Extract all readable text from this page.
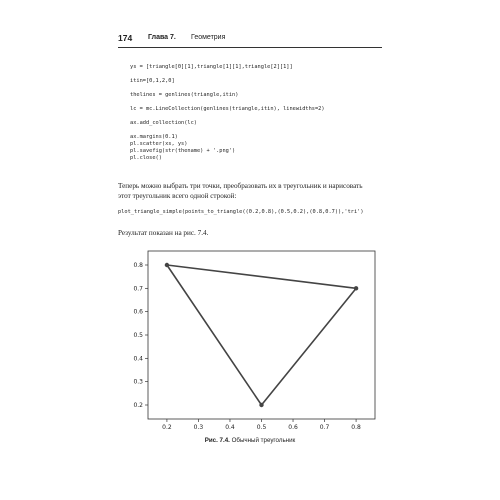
174 Глава 7. Геометрия
ys = [triangle[0][1],triangle[1][1],triangle[2][1]]
itin=[0,1,2,0]
thelines = genlines(triangle,itin)
lc = mc.LineCollection(genlines(triangle,itin), linewidths=2)
ax.add_collection(lc)
ax.margins(0.1)
pl.scatter(xs, ys)
pl.savefig(str(thename) + '.png')
pl.close()
Теперь можно выбрать три точки, преобразовать их в треугольник и нарисовать
этот треугольник всего одной строкой:
plot_triangle_simple(points_to_triangle((0.2,0.8),(0.5,0.2),(0.8,0.7)),'tri')
Результат показан на рис. 7.4.
0.2	0.3	0.4	0.5	0.6	0.7	0.8
0.2
0.3
0.4
0.5
0.6
0.7
0.8
Рис. 7.4. Обычный треугольник
